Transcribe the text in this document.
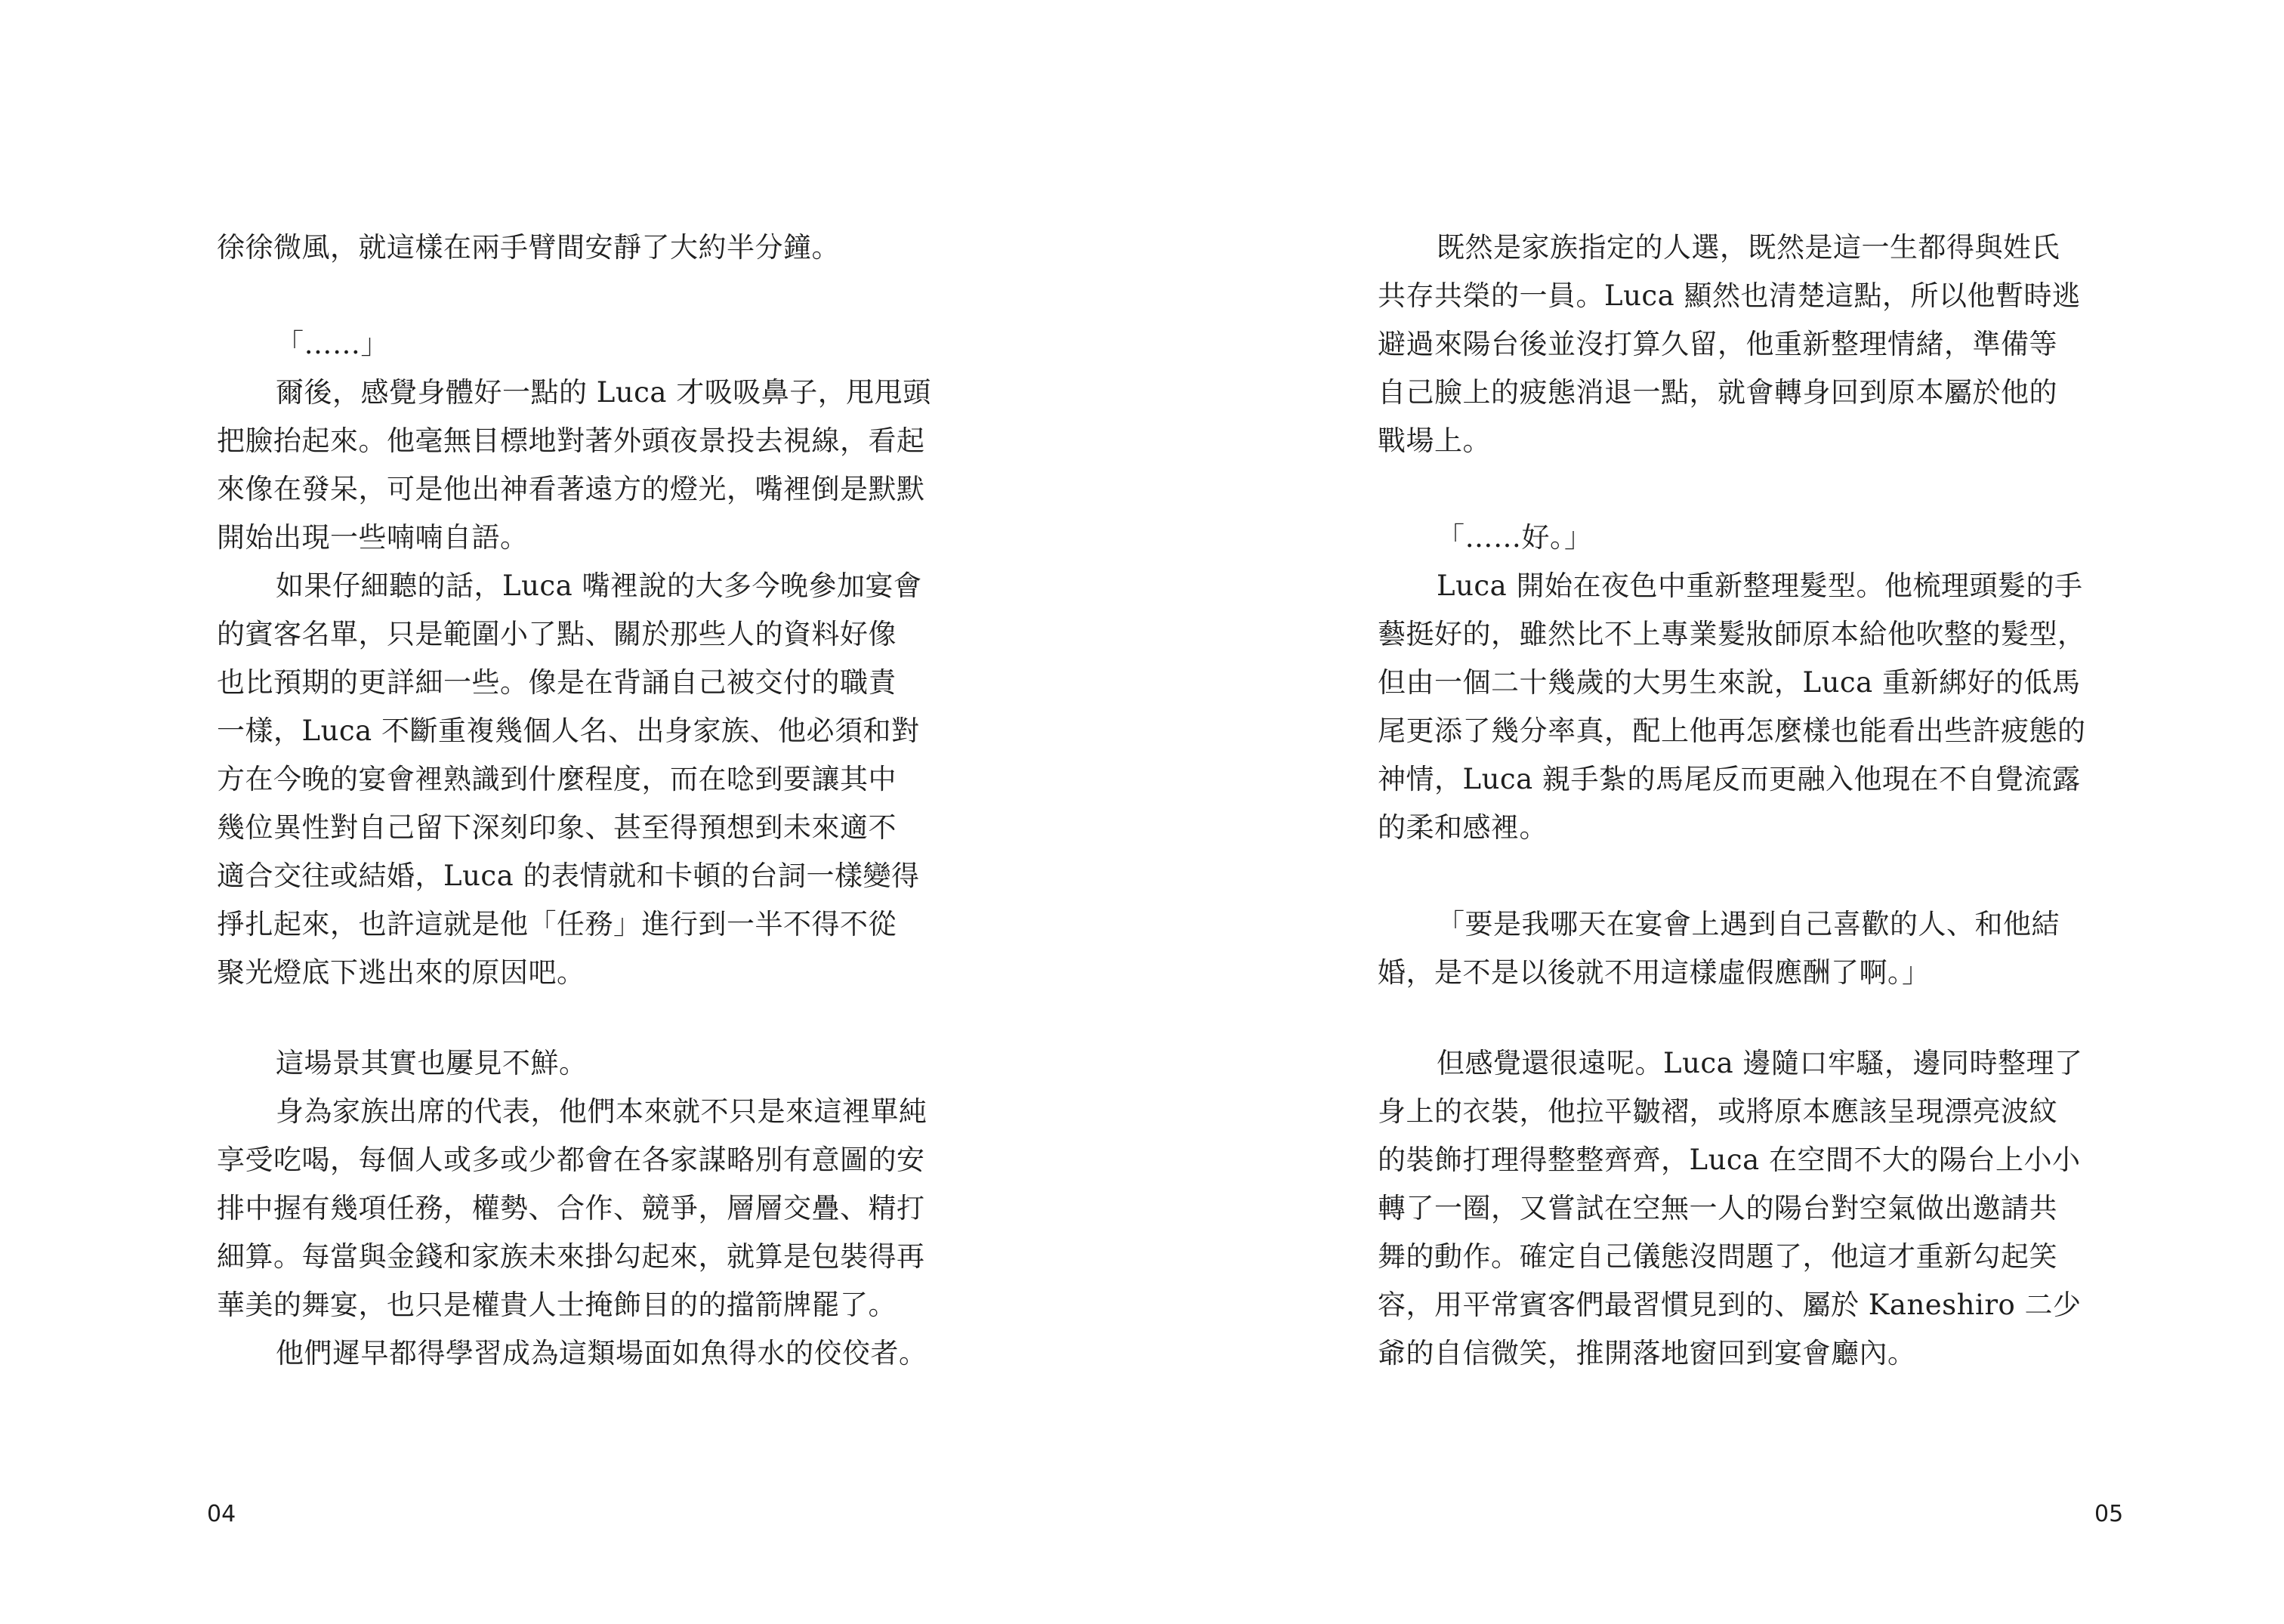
徐徐微風，就這樣在兩手臂間安靜了大約半分鐘。
「……」
爾後，感覺身體好一點的 Luca 才吸吸鼻子，甩甩頭
把臉抬起來。他毫無目標地對著外頭夜景投去視線，看起
來像在發呆，可是他出神看著遠方的燈光，嘴裡倒是默默
開始出現一些喃喃自語。
如果仔細聽的話，Luca 嘴裡說的大多今晚參加宴會
的賓客名單，只是範圍小了點、關於那些人的資料好像
也比預期的更詳細一些。像是在背誦自己被交付的職責
一樣，Luca 不斷重複幾個人名、出身家族、他必須和對
方在今晚的宴會裡熟識到什麼程度，而在唸到要讓其中
幾位異性對自己留下深刻印象、甚至得預想到未來適不
適合交往或結婚，Luca 的表情就和卡頓的台詞一樣變得
掙扎起來，也許這就是他「任務」進行到一半不得不從
聚光燈底下逃出來的原因吧。
這場景其實也屢見不鮮。
身為家族出席的代表，他們本來就不只是來這裡單純
享受吃喝，每個人或多或少都會在各家謀略別有意圖的安
排中握有幾項任務，權勢、合作、競爭，層層交疊、精打
細算。每當與金錢和家族未來掛勾起來，就算是包裝得再
華美的舞宴，也只是權貴人士掩飾目的的擋箭牌罷了。
他們遲早都得學習成為這類場面如魚得水的佼佼者。
04
既然是家族指定的人選，既然是這一生都得與姓氏
共存共榮的一員。Luca 顯然也清楚這點，所以他暫時逃
避過來陽台後並沒打算久留，他重新整理情緒，準備等
自己臉上的疲態消退一點，就會轉身回到原本屬於他的
戰場上。
「……好。」
Luca 開始在夜色中重新整理髮型。他梳理頭髮的手
藝挺好的，雖然比不上專業髮妝師原本給他吹整的髮型，
但由一個二十幾歲的大男生來說，Luca 重新綁好的低馬
尾更添了幾分率真，配上他再怎麼樣也能看出些許疲態的
神情，Luca 親手紮的馬尾反而更融入他現在不自覺流露
的柔和感裡。
「要是我哪天在宴會上遇到自己喜歡的人、和他結
婚，是不是以後就不用這樣虛假應酬了啊。」
但感覺還很遠呢。Luca 邊隨口牢騷，邊同時整理了
身上的衣裝，他拉平皺褶，或將原本應該呈現漂亮波紋
的裝飾打理得整整齊齊，Luca 在空間不大的陽台上小小
轉了一圈，又嘗試在空無一人的陽台對空氣做出邀請共
舞的動作。確定自己儀態沒問題了，他這才重新勾起笑
容，用平常賓客們最習慣見到的、屬於 Kaneshiro 二少
爺的自信微笑，推開落地窗回到宴會廳內。
05
